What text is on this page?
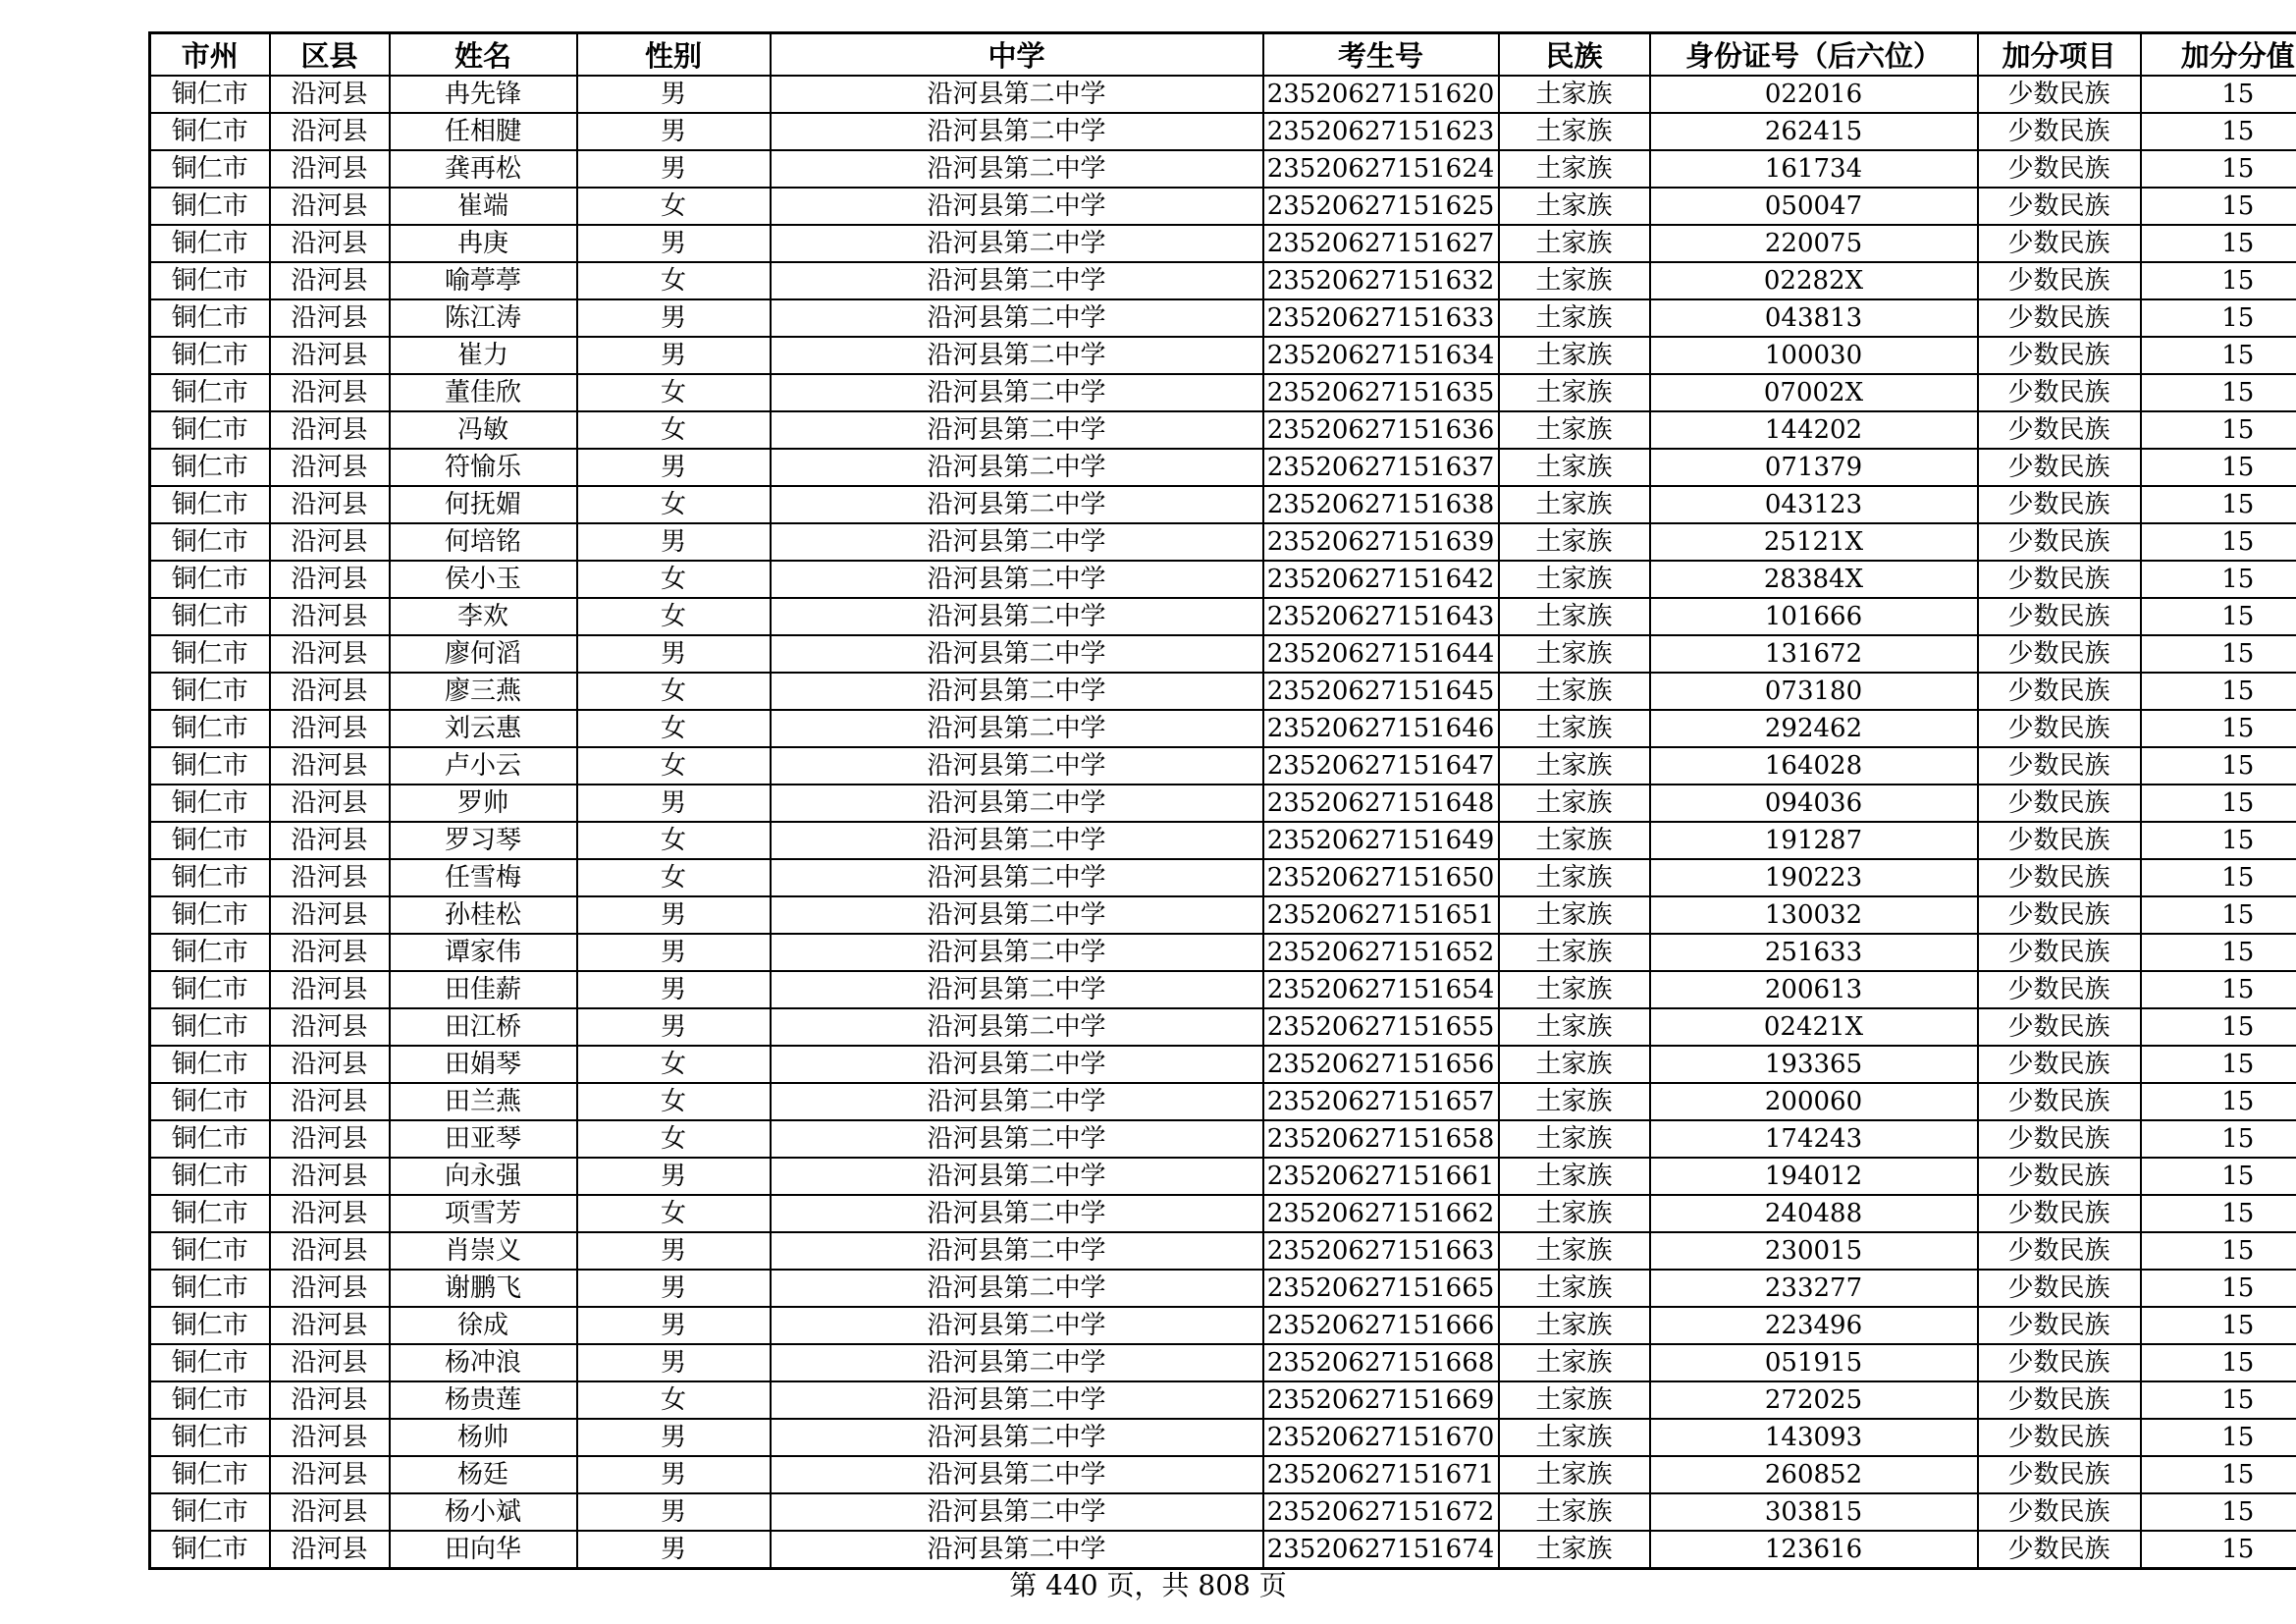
市州	区县	姓名	性别	中学	考生号	民族	身份证号（后六位）	加分项目	加分分值
铜仁市	沿河县	冉先锋	男	沿河县第二中学	23520627151620	土家族	022016	少数民族	15
铜仁市	沿河县	任相腱	男	沿河县第二中学	23520627151623	土家族	262415	少数民族	15
铜仁市	沿河县	龚再松	男	沿河县第二中学	23520627151624	土家族	161734	少数民族	15
铜仁市	沿河县	崔端	女	沿河县第二中学	23520627151625	土家族	050047	少数民族	15
铜仁市	沿河县	冉庚	男	沿河县第二中学	23520627151627	土家族	220075	少数民族	15
铜仁市	沿河县	喻葶葶	女	沿河县第二中学	23520627151632	土家族	02282X	少数民族	15
铜仁市	沿河县	陈江涛	男	沿河县第二中学	23520627151633	土家族	043813	少数民族	15
铜仁市	沿河县	崔力	男	沿河县第二中学	23520627151634	土家族	100030	少数民族	15
铜仁市	沿河县	董佳欣	女	沿河县第二中学	23520627151635	土家族	07002X	少数民族	15
铜仁市	沿河县	冯敏	女	沿河县第二中学	23520627151636	土家族	144202	少数民族	15
铜仁市	沿河县	符愉乐	男	沿河县第二中学	23520627151637	土家族	071379	少数民族	15
铜仁市	沿河县	何抚媚	女	沿河县第二中学	23520627151638	土家族	043123	少数民族	15
铜仁市	沿河县	何培铭	男	沿河县第二中学	23520627151639	土家族	25121X	少数民族	15
铜仁市	沿河县	侯小玉	女	沿河县第二中学	23520627151642	土家族	28384X	少数民族	15
铜仁市	沿河县	李欢	女	沿河县第二中学	23520627151643	土家族	101666	少数民族	15
铜仁市	沿河县	廖何滔	男	沿河县第二中学	23520627151644	土家族	131672	少数民族	15
铜仁市	沿河县	廖三燕	女	沿河县第二中学	23520627151645	土家族	073180	少数民族	15
铜仁市	沿河县	刘云惠	女	沿河县第二中学	23520627151646	土家族	292462	少数民族	15
铜仁市	沿河县	卢小云	女	沿河县第二中学	23520627151647	土家族	164028	少数民族	15
铜仁市	沿河县	罗帅	男	沿河县第二中学	23520627151648	土家族	094036	少数民族	15
铜仁市	沿河县	罗习琴	女	沿河县第二中学	23520627151649	土家族	191287	少数民族	15
铜仁市	沿河县	任雪梅	女	沿河县第二中学	23520627151650	土家族	190223	少数民族	15
铜仁市	沿河县	孙桂松	男	沿河县第二中学	23520627151651	土家族	130032	少数民族	15
铜仁市	沿河县	谭家伟	男	沿河县第二中学	23520627151652	土家族	251633	少数民族	15
铜仁市	沿河县	田佳薪	男	沿河县第二中学	23520627151654	土家族	200613	少数民族	15
铜仁市	沿河县	田江桥	男	沿河县第二中学	23520627151655	土家族	02421X	少数民族	15
铜仁市	沿河县	田娟琴	女	沿河县第二中学	23520627151656	土家族	193365	少数民族	15
铜仁市	沿河县	田兰燕	女	沿河县第二中学	23520627151657	土家族	200060	少数民族	15
铜仁市	沿河县	田亚琴	女	沿河县第二中学	23520627151658	土家族	174243	少数民族	15
铜仁市	沿河县	向永强	男	沿河县第二中学	23520627151661	土家族	194012	少数民族	15
铜仁市	沿河县	项雪芳	女	沿河县第二中学	23520627151662	土家族	240488	少数民族	15
铜仁市	沿河县	肖崇义	男	沿河县第二中学	23520627151663	土家族	230015	少数民族	15
铜仁市	沿河县	谢鹏飞	男	沿河县第二中学	23520627151665	土家族	233277	少数民族	15
铜仁市	沿河县	徐成	男	沿河县第二中学	23520627151666	土家族	223496	少数民族	15
铜仁市	沿河县	杨冲浪	男	沿河县第二中学	23520627151668	土家族	051915	少数民族	15
铜仁市	沿河县	杨贵莲	女	沿河县第二中学	23520627151669	土家族	272025	少数民族	15
铜仁市	沿河县	杨帅	男	沿河县第二中学	23520627151670	土家族	143093	少数民族	15
铜仁市	沿河县	杨廷	男	沿河县第二中学	23520627151671	土家族	260852	少数民族	15
铜仁市	沿河县	杨小斌	男	沿河县第二中学	23520627151672	土家族	303815	少数民族	15
铜仁市	沿河县	田向华	男	沿河县第二中学	23520627151674	土家族	123616	少数民族	15
第 440 页，共 808 页
